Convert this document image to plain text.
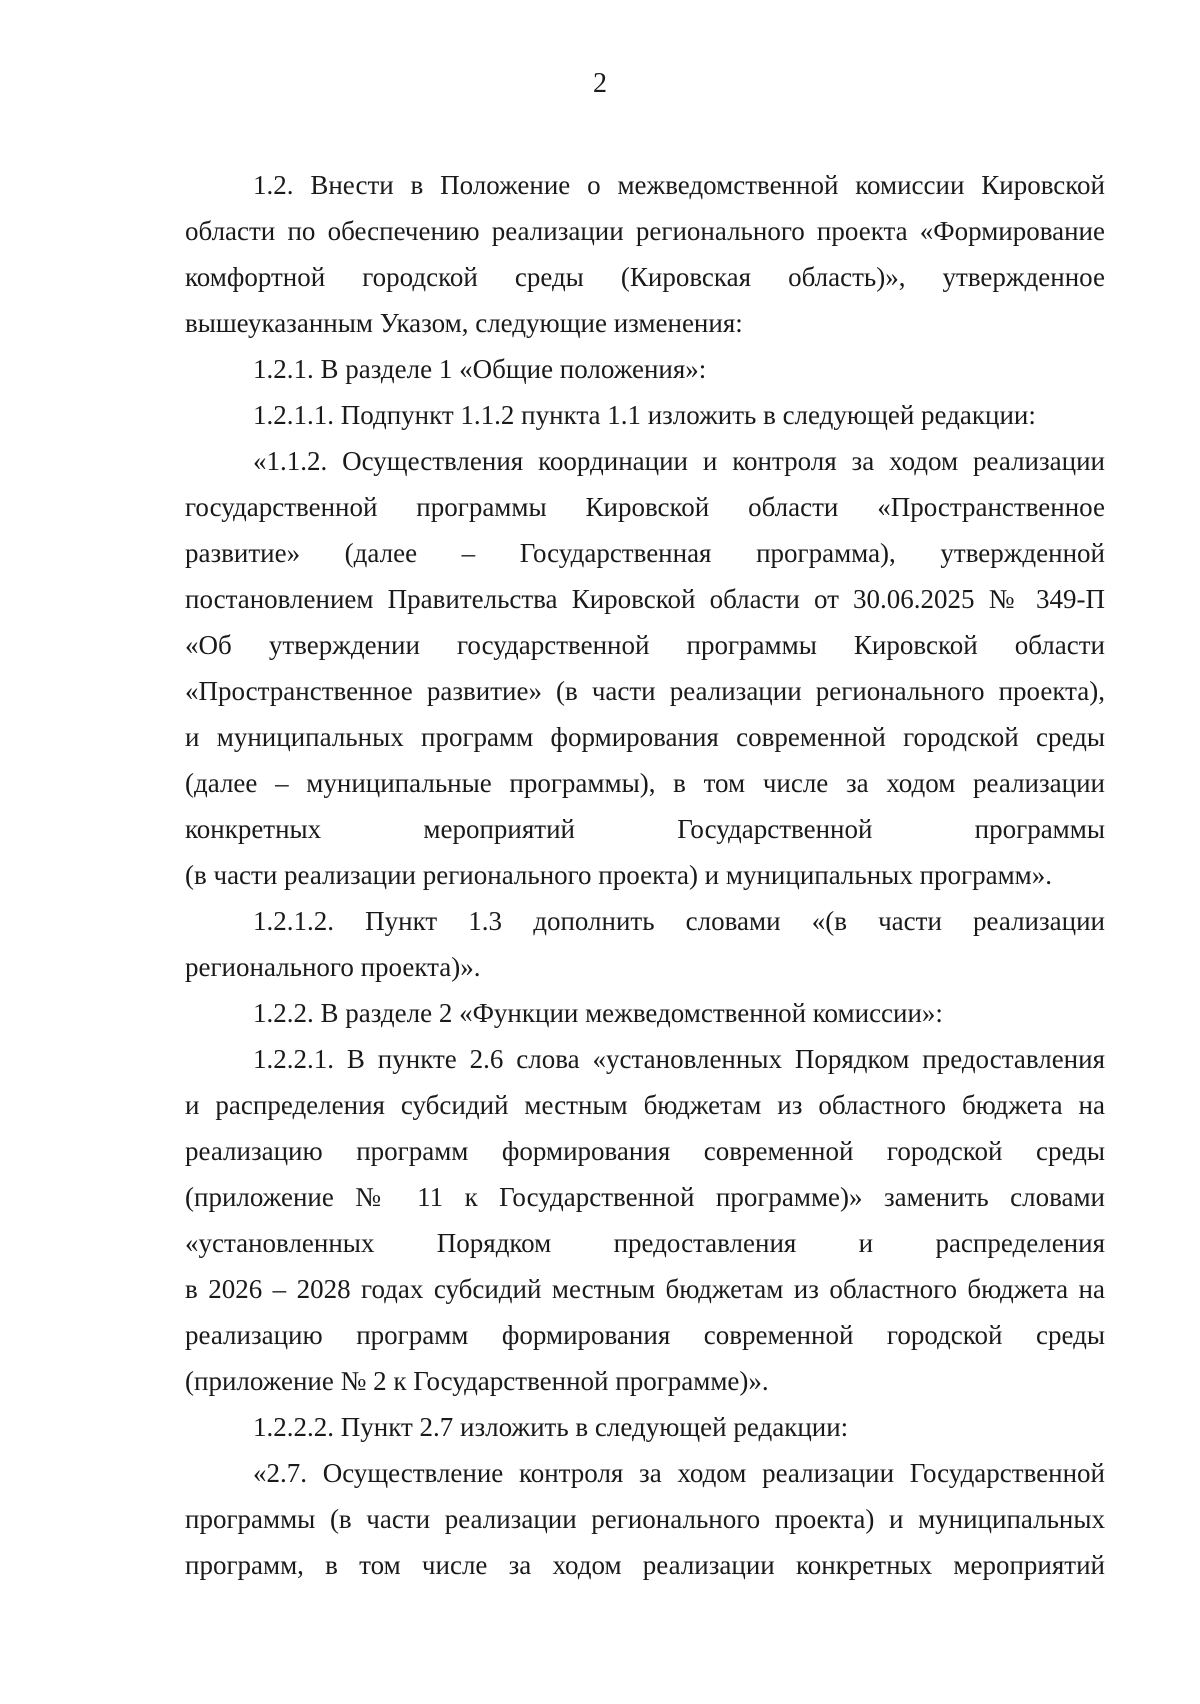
2
1.2. Внести в Положение о межведомственной комиссии Кировской
области по обеспечению реализации регионального проекта «Формирование
комфортной городской среды (Кировская область)», утвержденное
вышеуказанным Указом, следующие изменения:
1.2.1. В разделе 1 «Общие положения»:
1.2.1.1. Подпункт 1.1.2 пункта 1.1 изложить в следующей редакции:
«1.1.2. Осуществления координации и контроля за ходом реализации
государственной программы Кировской области «Пространственное
развитие» (далее – Государственная программа), утвержденной
постановлением Правительства Кировской области от 30.06.2025 № 349-П
«Об утверждении государственной программы Кировской области
«Пространственное развитие» (в части реализации регионального проекта),
и муниципальных программ формирования современной городской среды
(далее – муниципальные программы), в том числе за ходом реализации
конкретных мероприятий Государственной программы
(в части реализации регионального проекта) и муниципальных программ».
1.2.1.2. Пункт 1.3 дополнить словами «(в части реализации
регионального проекта)».
1.2.2. В разделе 2 «Функции межведомственной комиссии»:
1.2.2.1. В пункте 2.6 слова «установленных Порядком предоставления
и распределения субсидий местным бюджетам из областного бюджета на
реализацию программ формирования современной городской среды
(приложение № 11 к Государственной программе)» заменить словами
«установленных Порядком предоставления и распределения
в 2026 – 2028 годах субсидий местным бюджетам из областного бюджета на
реализацию программ формирования современной городской среды
(приложение № 2 к Государственной программе)».
1.2.2.2. Пункт 2.7 изложить в следующей редакции:
«2.7. Осуществление контроля за ходом реализации Государственной
программы (в части реализации регионального проекта) и муниципальных
программ, в том числе за ходом реализации конкретных мероприятий
